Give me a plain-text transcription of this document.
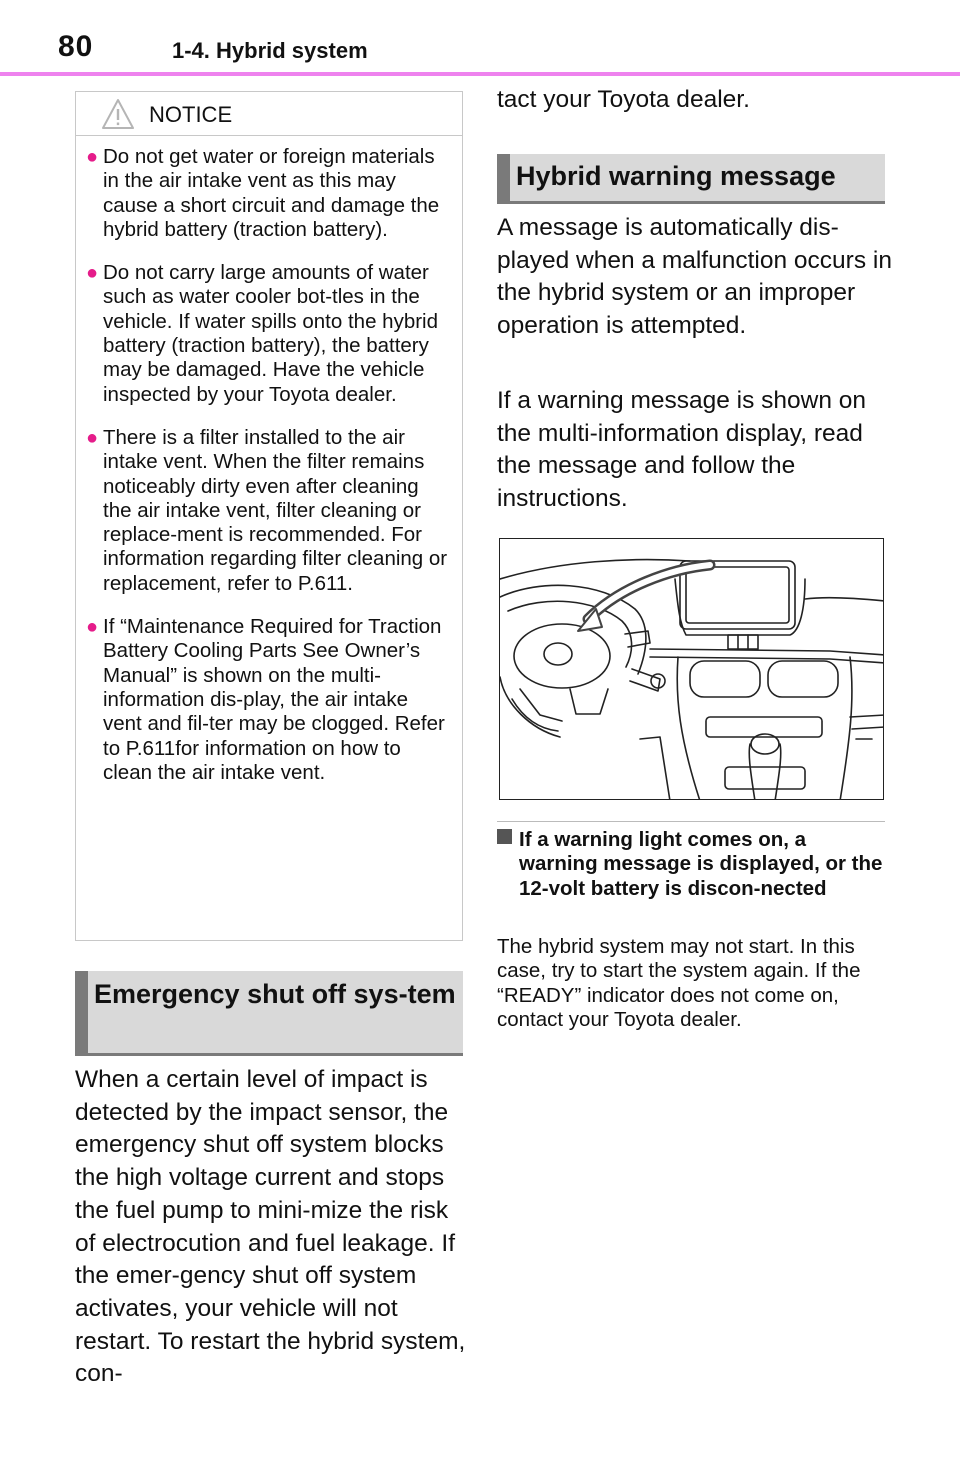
80	1-4. Hybrid system
NOTICE
● Do not get water or foreign materials in the air intake vent as this may cause a short circuit and damage the hybrid battery (traction battery).
● Do not carry large amounts of water such as water cooler bot-tles in the vehicle. If water spills onto the hybrid battery (traction battery), the battery may be damaged. Have the vehicle inspected by your Toyota dealer.
● There is a filter installed to the air intake vent. When the filter remains noticeably dirty even after cleaning the air intake vent, filter cleaning or replace-ment is recommended. For information regarding filter cleaning or replacement, refer to P.611.
● If “Maintenance Required for Traction Battery Cooling Parts See Owner’s Manual” is shown on the multi-information dis-play, the air intake vent and fil-ter may be clogged. Refer to P.611for information on how to clean the air intake vent.
Emergency shut off sys-tem
When a certain level of impact is detected by the impact sensor, the emergency shut off system blocks the high voltage current and stops the fuel pump to mini-mize the risk of electrocution and fuel leakage. If the emer-gency shut off system activates, your vehicle will not restart. To restart the hybrid system, con-
tact your Toyota dealer.
Hybrid warning message
A message is automatically dis-played when a malfunction occurs in the hybrid system or an improper operation is attempted.
If a warning message is shown on the multi-information display, read the message and follow the instructions.
If a warning light comes on, a warning message is displayed, or the 12-volt battery is discon-nected
The hybrid system may not start. In this case, try to start the system again. If the “READY” indicator does not come on, contact your Toyota dealer.
